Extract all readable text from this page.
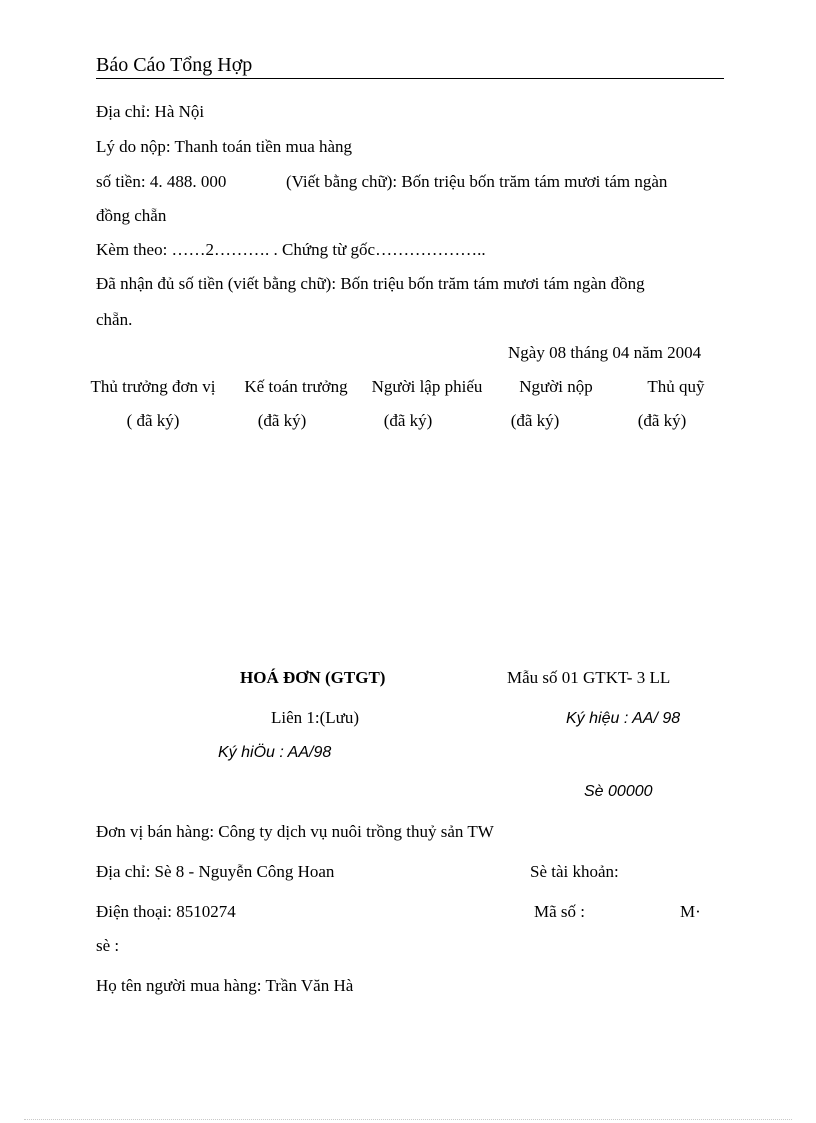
Báo Cáo Tổng Hợp
Địa chỉ: Hà Nội
Lý do nộp: Thanh toán tiền mua hàng
số tiền: 4. 488. 000	(Viết bằng chữ): Bốn triệu bốn trăm tám mươi tám ngàn
đồng chẵn
Kèm theo: ……2………. . Chứng từ gốc………………..
Đã nhận đủ số tiền (viết bằng chữ): Bốn triệu bốn trăm tám mươi tám ngàn đồng
chẵn.
Ngày 08 tháng 04 năm 2004
Thủ trưởng đơn vị	Kế toán trưởng	Người lập phiếu	Người nộp	Thủ quỹ
( đã ký)	(đã ký)	(đã ký)	(đã ký)	(đã ký)
HOÁ ĐƠN (GTGT)	Mẫu số 01 GTKT- 3 LL
Liên 1:(Lưu)	Ký hiệu : AA/ 98
Ký hiÖu : AA/98
Sè 00000
Đơn vị bán hàng: Công ty dịch vụ nuôi trồng thuỷ sản TW
Địa chỉ: Sè 8 - Nguyễn Công Hoan	Sè tài khoản:
Điện thoại: 8510274	Mã số :	M·
sè :
Họ tên người mua hàng: Trần Văn Hà
